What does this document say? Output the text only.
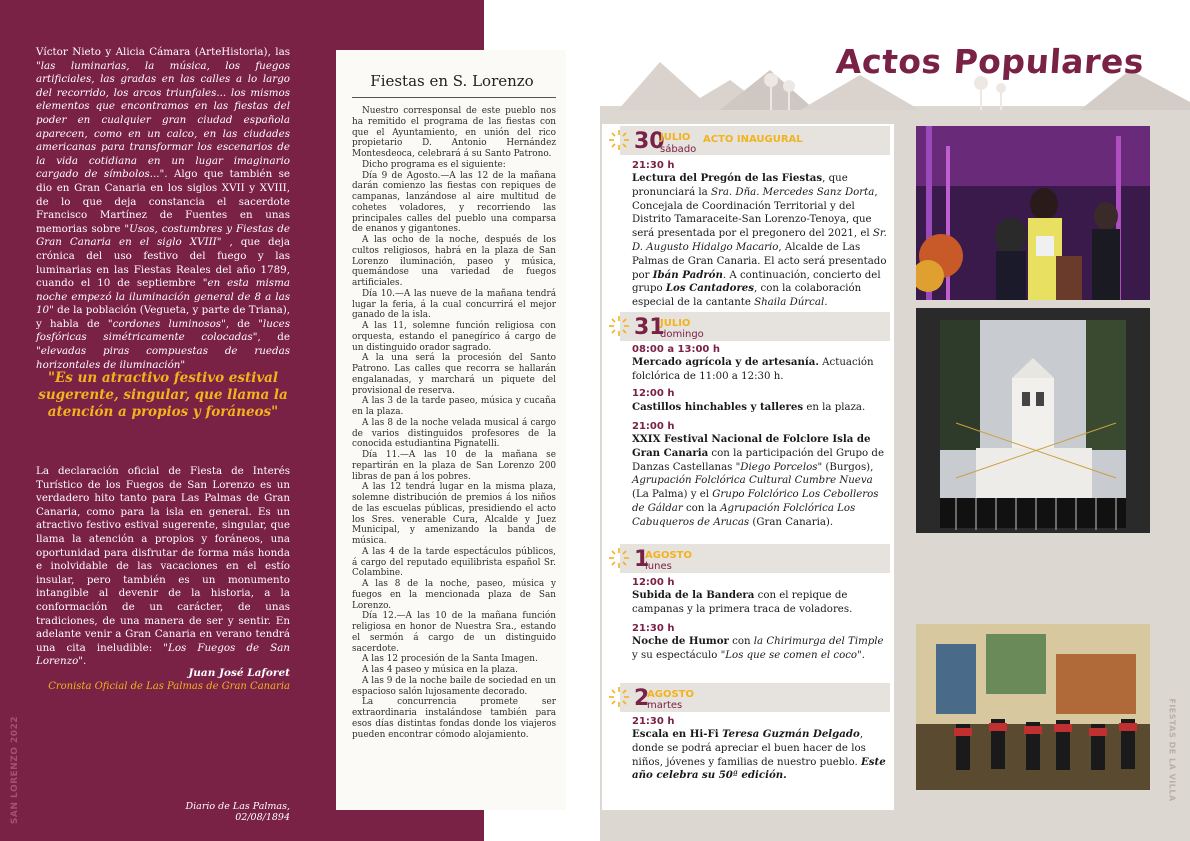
Víctor Nieto y Alicia Cámara (ArteHistoria), las "las luminarias, la música, los fuegos artificiales, las gradas en las calles a lo largo del recorrido, los arcos triunfales... los mismos elementos que encontramos en las fiestas del poder en cualquier gran ciudad española aparecen, como en un calco, en las ciudades americanas para transformar los escenarios de la vida cotidiana en un lugar imaginario cargado de símbolos...". Algo que también se dio en Gran Canaria en los siglos XVII y XVIII, de lo que deja constancia el sacerdote Francisco Martínez de Fuentes en unas memorias sobre "Usos, costumbres y Fiestas de Gran Canaria en el siglo XVIII" , que deja crónica del uso festivo del fuego y las luminarias en las Fiestas Reales del año 1789, cuando el 10 de septiembre "en esta misma noche empezó la iluminación general de 8 a las 10" de la población (Vegueta, y parte de Triana), y habla de "cordones luminosos", de "luces fosfóricas simétricamente colocadas", de "elevadas piras compuestas de ruedas horizontales de iluminación"
"Es un atractivo festivo estival sugerente, singular, que llama la atención a propios y foráneos"
La declaración oficial de Fiesta de Interés Turístico de los Fuegos de San Lorenzo es un verdadero hito tanto para Las Palmas de Gran Canaria, como para la isla en general. Es un atractivo festivo estival sugerente, singular, que llama la atención a propios y foráneos, una oportunidad para disfrutar de forma más honda e inolvidable de las vacaciones en el estío insular, pero también es un monumento intangible al devenir de la historia, a la conformación de un carácter, de unas tradiciones, de una manera de ser y sentir. En adelante venir a Gran Canaria en verano tendrá una cita ineludible: "Los Fuegos de San Lorenzo".
Juan José Laforet
Cronista Oficial de Las Palmas de Gran Canaria
Diario de Las Palmas, 02/08/1894
SAN LORENZO 2022
Fiestas en S. Lorenzo

Nuestro corresponsal de este pueblo nos ha remitido el programa de las fiestas con que el Ayuntamiento, en unión del rico propietario D. Antonio Hernández Montesdeoca, celebrará á su Santo Patrono.

Dicho programa es el siguiente:

Día 9 de Agosto.—A las 12 de la mañana darán comienzo las fiestas con repiques de campanas, lanzándose al aire multitud de cohetes voladores, y recorriendo las principales calles del pueblo una comparsa de enanos y gigantones.

A las ocho de la noche, después de los cultos religiosos, habrá en la plaza de San Lorenzo iluminación, paseo y música, quemándose una variedad de fuegos artificiales.

Día 10.—A las nueve de la mañana tendrá lugar la feria, á la cual concurrirá el mejor ganado de la isla.

A las 11, solemne función religiosa con orquesta, estando el panegírico á cargo de un distinguido orador sagrado.

A la una será la procesión del Santo Patrono. Las calles que recorra se hallarán engalanadas, y marchará un piquete del provisional de reserva.

A las 3 de la tarde paseo, música y cucaña en la plaza.

A las 8 de la noche velada musical á cargo de varios distinguidos profesores de la conocida estudiantina Pignatelli.

Día 11.—A las 10 de la mañana se repartirán en la plaza de San Lorenzo 200 libras de pan á los pobres.

A las 12 tendrá lugar en la misma plaza, solemne distribución de premios á los niños de las escuelas públicas, presidiendo el acto los Sres. venerable Cura, Alcalde y Juez Municipal, y amenizando la banda de música.

A las 4 de la tarde espectáculos públicos, á cargo del reputado equilibrista español Sr. Colambine.

A las 8 de la noche, paseo, música y fuegos en la mencionada plaza de San Lorenzo.

Día 12.—A las 10 de la mañana función religiosa en honor de Nuestra Sra., estando el sermón á cargo de un distinguido sacerdote.

A las 12 procesión de la Santa Imagen.

A las 4 paseo y música en la plaza.

A las 9 de la noche baile de sociedad en un espacioso salón lujosamente decorado.

La concurrencia promete ser extraordinaria instalándose también para esos días distintas fondas donde los viajeros pueden encontrar cómodo alojamiento.

Actos Populares
30
JULIO
sábado
ACTO INAUGURAL
31
JULIO
domingo
1
AGOSTO
lunes
2
AGOSTO
martes
21:30 h
Lectura del Pregón de las Fiestas, que pronunciará la Sra. Dña. Mercedes Sanz Dorta, Concejala de Coordinación Territorial y del Distrito Tamaraceite-San Lorenzo-Tenoya, que será presentada por el pregonero del 2021, el Sr. D. Augusto Hidalgo Macario, Alcalde de Las Palmas de Gran Canaria. El acto será presentado por Ibán Padrón. A continuación, concierto del grupo Los Cantadores, con la colaboración especial de la cantante Shaila Dúrcal.
08:00 a 13:00 h
Mercado agrícola y de artesanía. Actuación folclórica de 11:00 a 12:30 h.
12:00 h
Castillos hinchables y talleres en la plaza.
21:00 h
XXIX Festival Nacional de Folclore Isla de Gran Canaria con la participación del Grupo de Danzas Castellanas "Diego Porcelos" (Burgos), Agrupación Folclórica Cultural Cumbre Nueva (La Palma) y el Grupo Folclórico Los Cebolleros de Gáldar con la Agrupación Folclórica Los Cabuqueros de Arucas (Gran Canaria).
12:00 h
Subida de la Bandera con el repique de campanas y la primera traca de voladores.
21:30 h
Noche de Humor con la Chirimurga del Timple y su espectáculo "Los que se comen el coco".
21:30 h
Escala en Hi-Fi Teresa Guzmán Delgado, donde se podrá apreciar el buen hacer de los niños, jóvenes y familias de nuestro pueblo. Este año celebra su 50ª edición.	FIESTAS DE LA VILLA
